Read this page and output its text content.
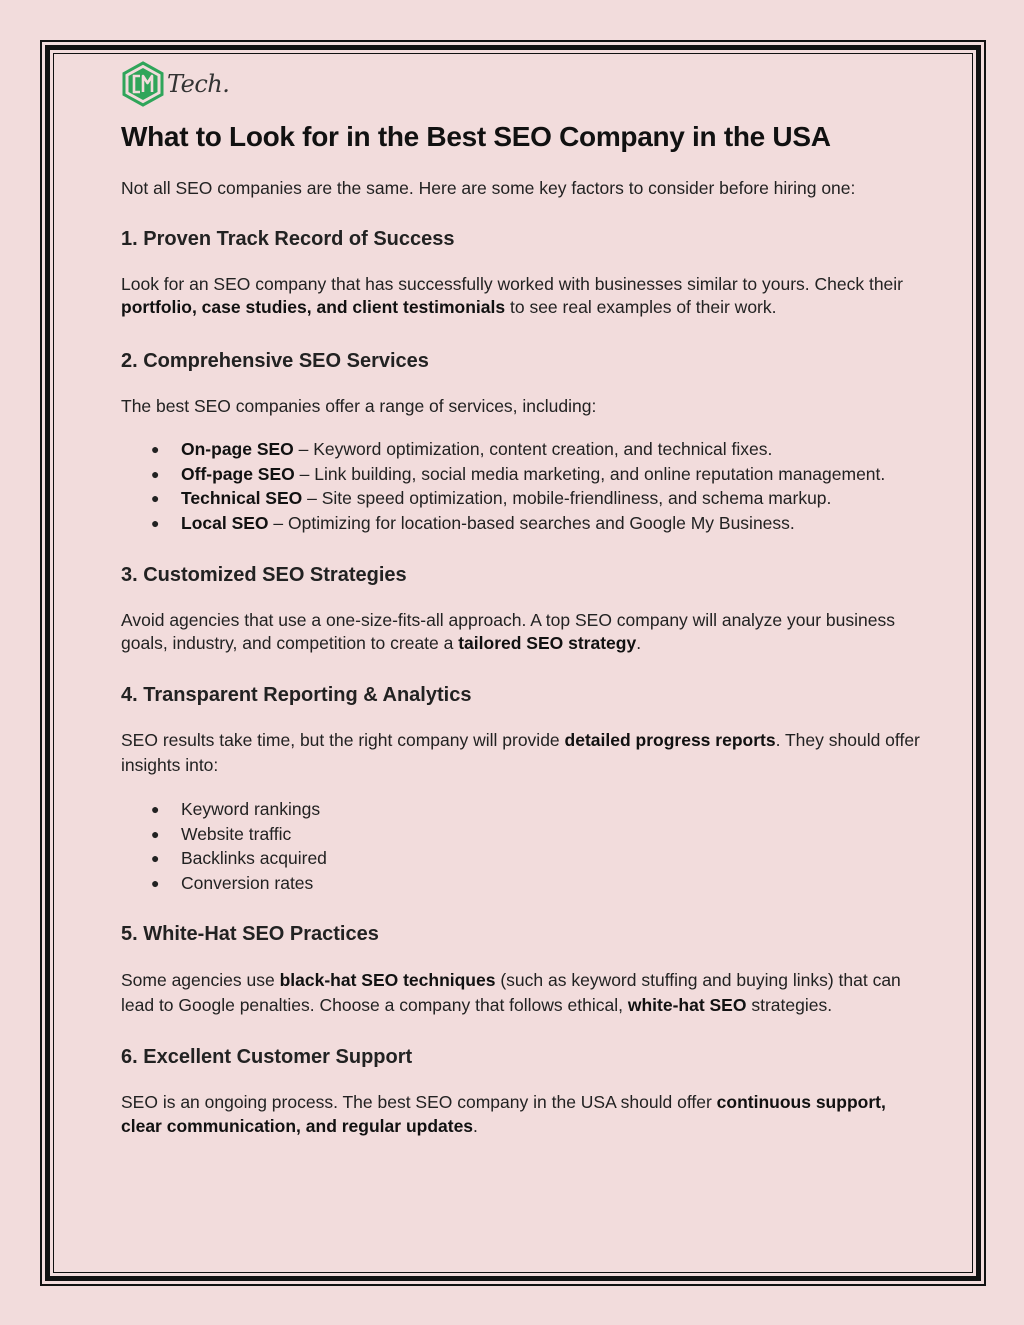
Tech.
What to Look for in the Best SEO Company in the USA

Not all SEO companies are the same. Here are some key factors to consider before hiring one:

1. Proven Track Record of Success

Look for an SEO company that has successfully worked with businesses similar to yours. Check their portfolio, case studies, and client testimonials to see real examples of their work.

2. Comprehensive SEO Services

The best SEO companies offer a range of services, including:

● On-page SEO – Keyword optimization, content creation, and technical fixes.
● Off-page SEO – Link building, social media marketing, and online reputation management.
● Technical SEO – Site speed optimization, mobile-friendliness, and schema markup.
● Local SEO – Optimizing for location-based searches and Google My Business.
3. Customized SEO Strategies

Avoid agencies that use a one-size-fits-all approach. A top SEO company will analyze your business goals, industry, and competition to create a tailored SEO strategy.

4. Transparent Reporting & Analytics

SEO results take time, but the right company will provide detailed progress reports. They should offer insights into:

● Keyword rankings
● Website traffic
● Backlinks acquired
● Conversion rates
5. White-Hat SEO Practices

Some agencies use black-hat SEO techniques (such as keyword stuffing and buying links) that can lead to Google penalties. Choose a company that follows ethical, white-hat SEO strategies.

6. Excellent Customer Support

SEO is an ongoing process. The best SEO company in the USA should offer continuous support, clear communication, and regular updates.
